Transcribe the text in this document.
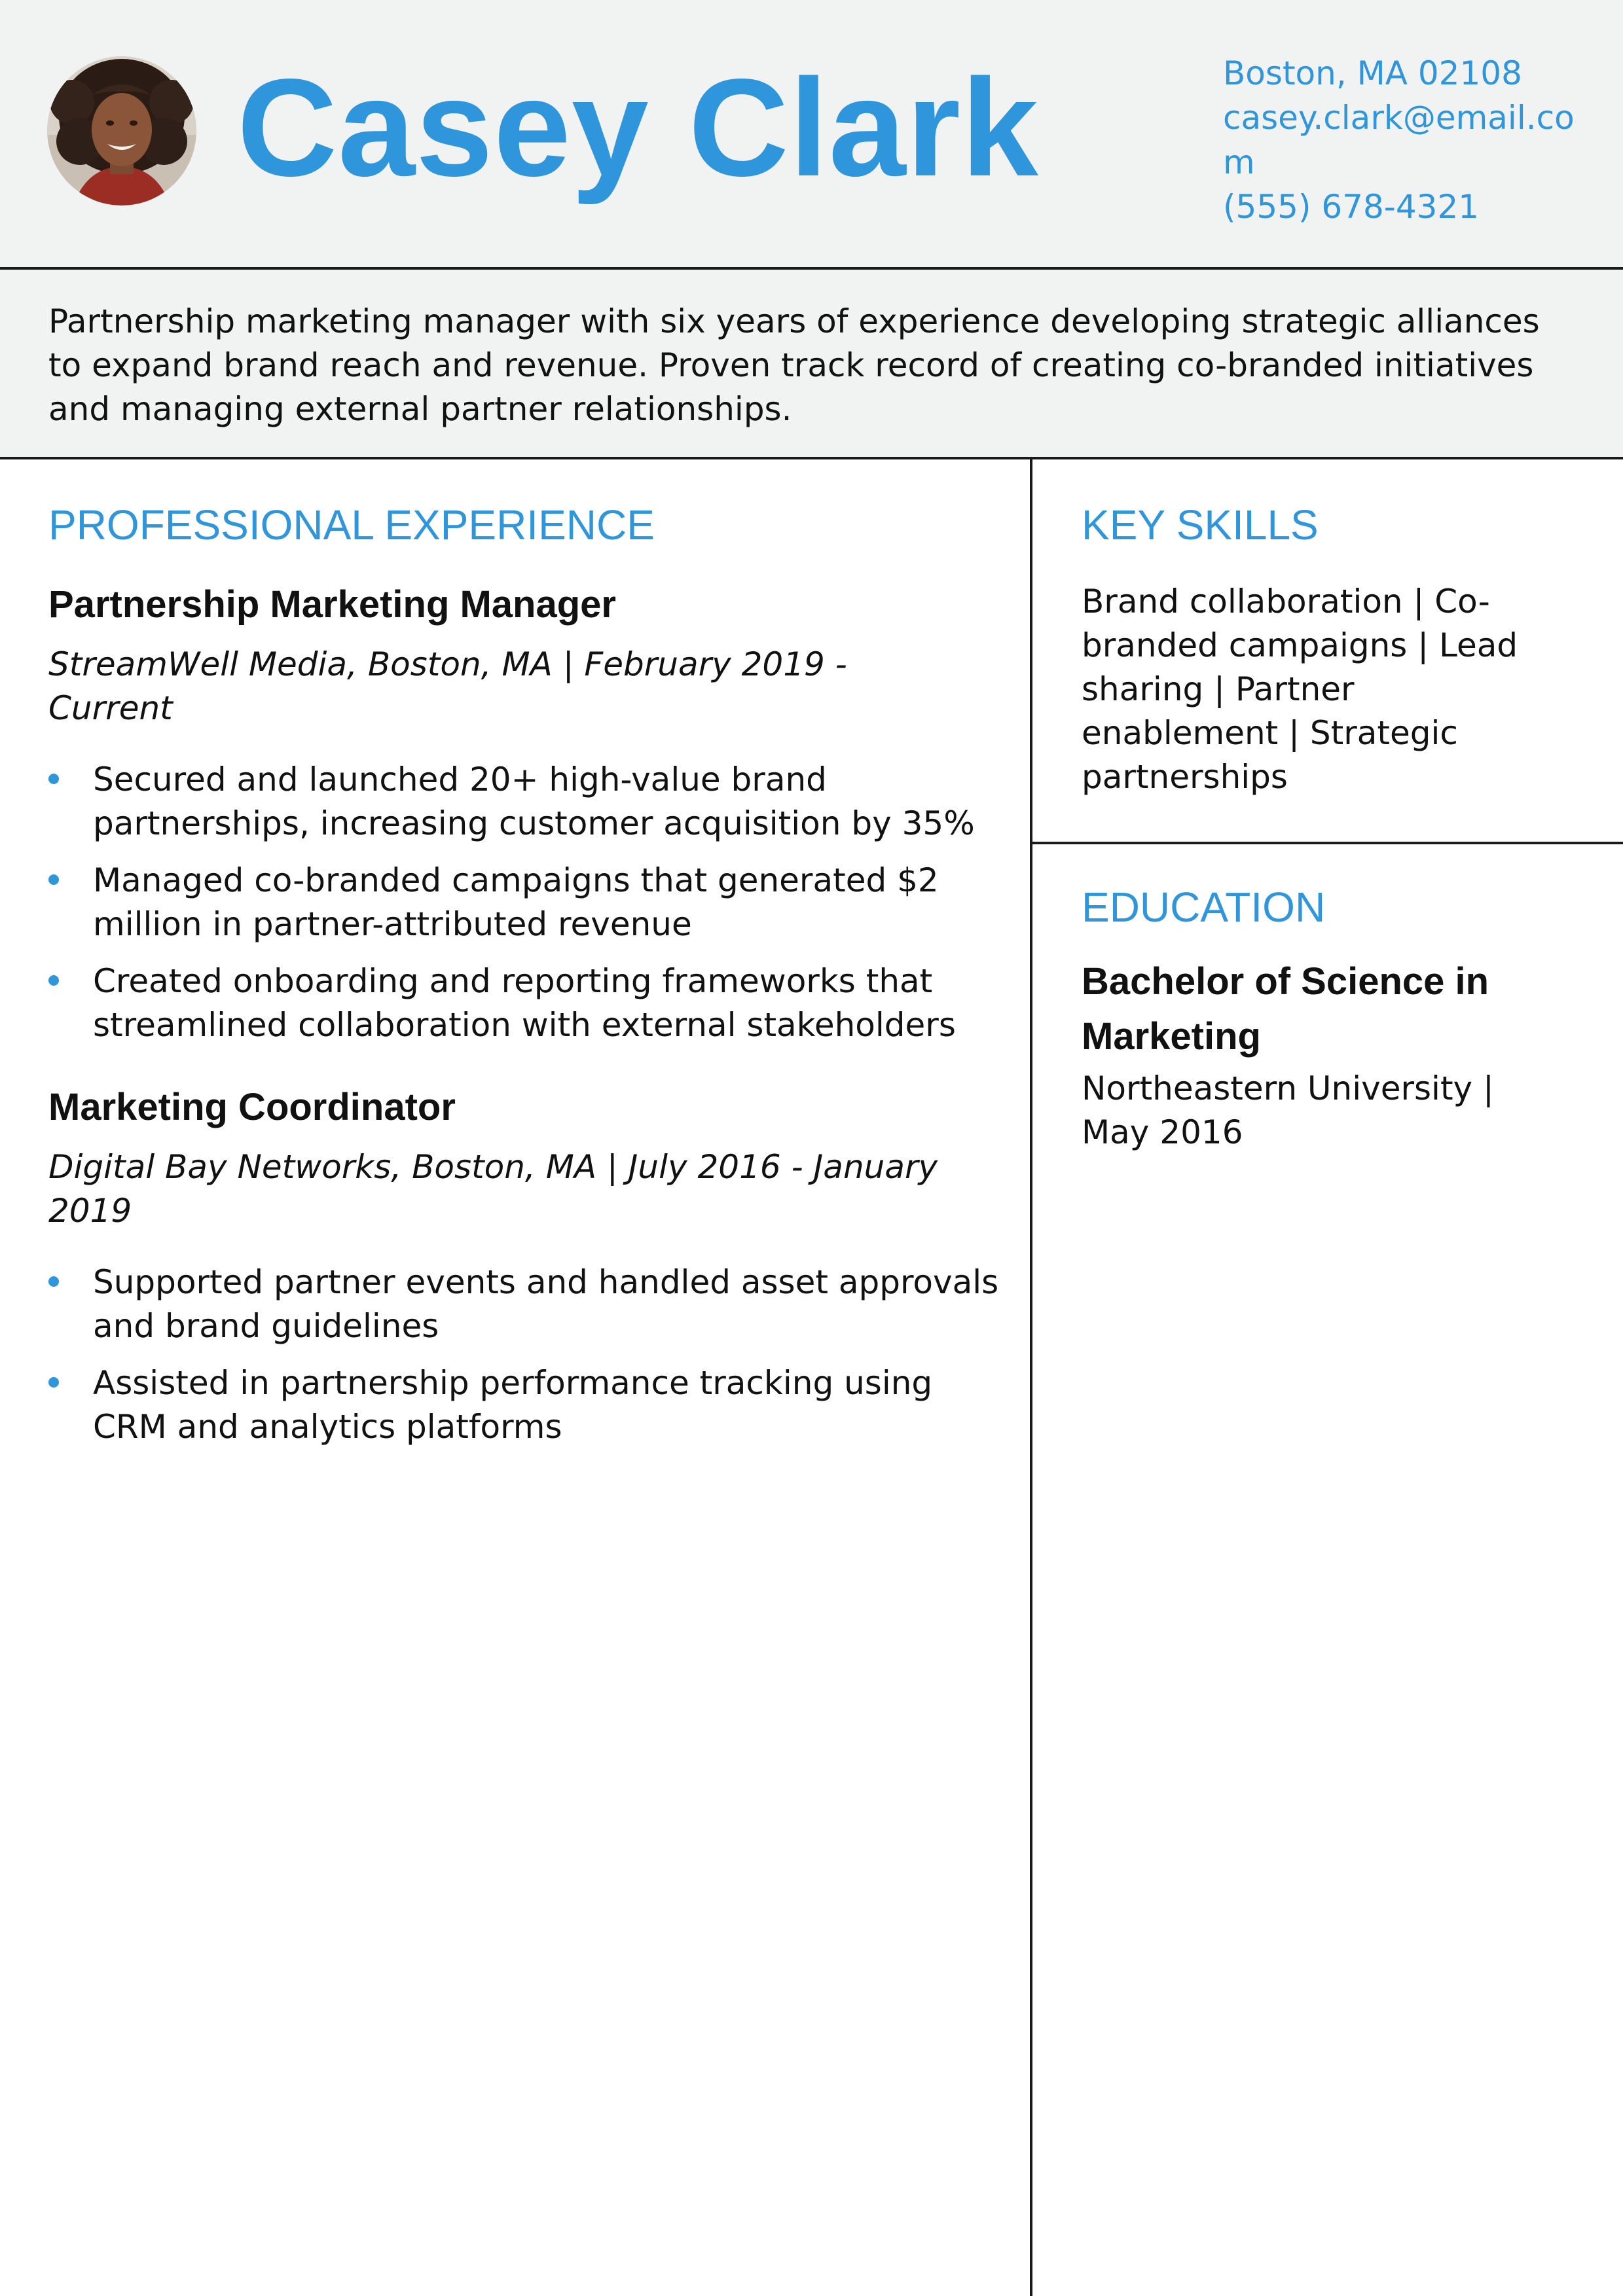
Casey Clark	Boston, MA 02108
casey.clark@email.com
(555) 678-4321

Partnership marketing manager with six years of experience developing strategic alliances to expand brand reach and revenue. Proven track record of creating co-branded initiatives and managing external partner relationships.

PROFESSIONAL EXPERIENCE
Partnership Marketing Manager

StreamWell Media, Boston, MA | February 2019 - Current

Secured and launched 20+ high-value brand partnerships, increasing customer acquisition by 35%
Managed co-branded campaigns that generated $2 million in partner-attributed revenue
Created onboarding and reporting frameworks that streamlined collaboration with external stakeholders
Marketing Coordinator

Digital Bay Networks, Boston, MA | July 2016 - January 2019

Supported partner events and handled asset approvals and brand guidelines
Assisted in partnership performance tracking using CRM and analytics platforms
KEY SKILLS

Brand collaboration | Co-branded campaigns | Lead sharing | Partner enablement | Strategic partnerships

EDUCATION
Bachelor of Science in Marketing

Northeastern University | May 2016
